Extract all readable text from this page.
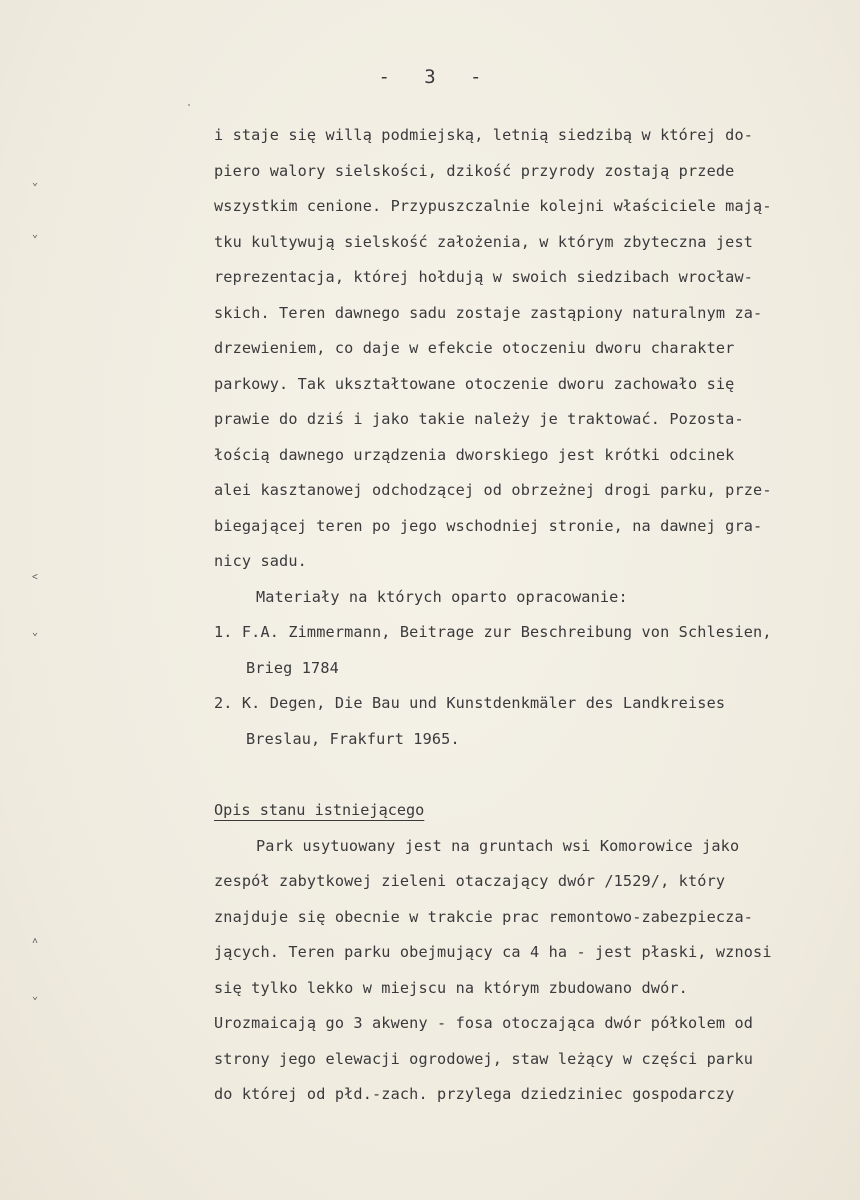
⌄
⌄
˂
⌄
˄
⌄
-   3   -
i staje się willą podmiejską, letnią siedzibą w której do-
piero walory sielskości, dzikość przyrody zostają przede
wszystkim cenione. Przypuszczalnie kolejni właściciele mają-
tku kultywują sielskość założenia, w którym zbyteczna jest
reprezentacja, której hołdują w swoich siedzibach wrocław-
skich. Teren dawnego sadu zostaje zastąpiony naturalnym za-
drzewieniem, co daje w efekcie otoczeniu dworu charakter
parkowy. Tak ukształtowane otoczenie dworu zachowało się
prawie do dziś i jako takie należy je traktować. Pozosta-
łością dawnego urządzenia dworskiego jest krótki odcinek
alei kasztanowej odchodzącej od obrzeżnej drogi parku, prze-
biegającej teren po jego wschodniej stronie, na dawnej gra-
nicy sadu.
Materiały na których oparto opracowanie:
1. F.A. Zimmermann, Beitrage zur Beschreibung von Schlesien,
Brieg 1784
2. K. Degen, Die Bau und Kunstdenkmäler des Landkreises
Breslau, Frakfurt 1965.
Opis stanu istniejącego
Park usytuowany jest na gruntach wsi Komorowice jako
zespół zabytkowej zieleni otaczający dwór /1529/, który
znajduje się obecnie w trakcie prac remontowo-zabezpiecza-
jących. Teren parku obejmujący ca 4 ha - jest płaski, wznosi
się tylko lekko w miejscu na którym zbudowano dwór.
Urozmaicają go 3 akweny - fosa otoczająca dwór półkolem od
strony jego elewacji ogrodowej, staw leżący w części parku
do której od płd.-zach. przylega dziedziniec gospodarczy
